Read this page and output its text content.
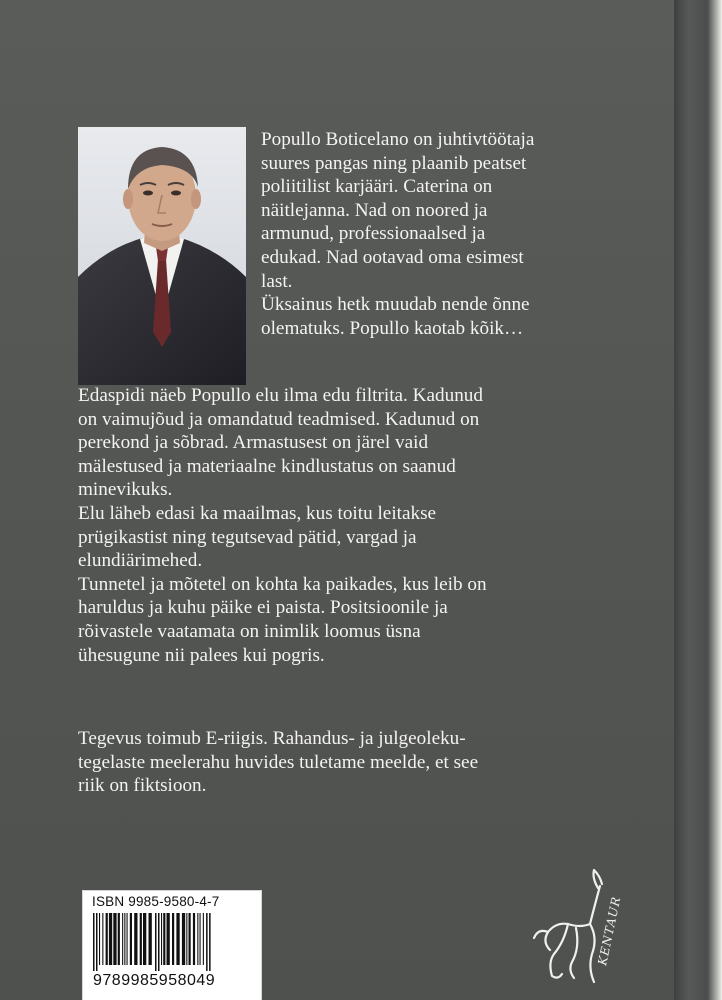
Popullo Boticelano on juhtivtöötaja

suures pangas ning plaanib peatset

poliitilist karjääri. Caterina on

näitlejanna. Nad on noored ja

armunud, professionaalsed ja

edukad. Nad ootavad oma esimest

last.

Üksainus hetk muudab nende õnne

olematuks. Popullo kaotab kõik…

Edaspidi näeb Popullo elu ilma edu filtrita. Kadunud

on vaimujõud ja omandatud teadmised. Kadunud on

perekond ja sõbrad. Armastusest on järel vaid

mälestused ja materiaalne kindlustatus on saanud

minevikuks.

Elu läheb edasi ka maailmas, kus toitu leitakse

prügikastist ning tegutsevad pätid, vargad ja

elundiärimehed.

Tunnetel ja mõtetel on kohta ka paikades, kus leib on

haruldus ja kuhu päike ei paista. Positsioonile ja

rõivastele vaatamata on inimlik loomus üsna

ühesugune nii palees kui pogris.

Tegevus toimub E-riigis. Rahandus- ja julgeoleku-

tegelaste meelerahu huvides tuletame meelde, et see

riik on fiktsioon.

ISBN 9985-9580-4-7
9789985958049
KENTAUR
